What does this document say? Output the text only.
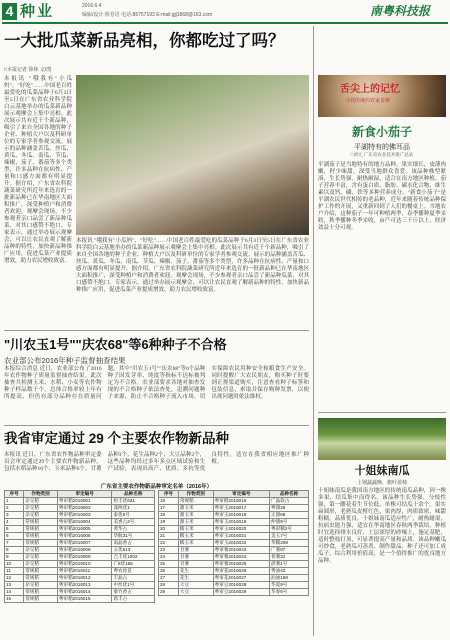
4 种业	2016.6.4
编辑/设计:蔡卷语 电话:86757193 E-mail:gjj1868@163.com	南粤科技报
一大批瓜菜新品亮相，你都吃过了吗？
□本报记者 徐林 文/图
本报讯 "哦我有"小瓜妈"、"好吃"……中国老百姓最爱吃的瓜菜品种于6月3日至5日在广东省农业科学院白云基地举办的瓜菜新品种展示观摩会上集中亮相。此次展示共有近千个新品种，吸引了来自全国各地的种子企业、种植大户以及科研单位的专家学者参观交流。展示的品种涵盖苦瓜、丝瓜、黄瓜、冬瓜、南瓜、节瓜、辣椒、茄子、番茄等多个类型，许多品种在抗病性、产量和口感方面都有明显提升。据介绍，广东省农科院蔬菜研究所近年来选育的一批新品种已在华南地区大面积推广，深受种植户和消费者欢迎。观摩会现场，不少参观者亲口品尝了新品种瓜菜，对其口感赞不绝口。专家表示，通过举办展示观摩会，可以让农民直观了解新品种的特性，加快新品种推广应用，促进瓜菜产业提质增效，助力农民增收致富。
本报讯 "哦我有"小瓜妈"、"好吃"……中国老百姓最爱吃的瓜菜品种于6月3日至5日在广东省农业科学院白云基地举办的瓜菜新品种展示观摩会上集中亮相。此次展示共有近千个新品种，吸引了来自全国各地的种子企业、种植大户以及科研单位的专家学者参观交流。展示的品种涵盖苦瓜、丝瓜、黄瓜、冬瓜、南瓜、节瓜、辣椒、茄子、番茄等多个类型，许多品种在抗病性、产量和口感方面都有明显提升。据介绍，广东省农科院蔬菜研究所近年来选育的一批新品种已在华南地区大面积推广，深受种植户和消费者欢迎。观摩会现场，不少参观者亲口品尝了新品种瓜菜，对其口感赞不绝口。专家表示，通过举办展示观摩会，可以让农民直观了解新品种的特性，加快新品种推广应用，促进瓜菜产业提质增效，助力农民增收致富。
舌尖上的记忆
寻找传统的农家食种
新食小茄子
平湖特有的佛耳品
□刘元 广东省农业技术推广总站
平湖茄子是当地特有的地方品种，果实细长，皮薄肉嫩，籽少味甜，深受当地群众喜爱。该品种株型紧凑，生长势强，耐热耐湿，适合在南方地区种植。茄子营养丰富，含有蛋白质、脂肪、碳水化合物、维生素以及钙、磷、铁等多种营养成分。"新食小茄子"是平湖农民世代相传的老品种，近年来随着传统品种保护工作的开展，又重新回到了人们的餐桌上。当地农户介绍，这种茄子一年可种植两季，春季播种夏季采收，秋季播种冬季采收，亩产可达三千斤以上，经济效益十分可观。
十姐妹南瓜
上钢蔬蔬晚、旗叶盈柿
十姐妹南瓜是我国南方地区的传统南瓜品种，因一株多果、结瓜集中而得名。该品种生长势强，分枝性强，第一雌花着生节位低，单株可结瓜十余个。果实扁圆形，老熟瓜皮橙红色，果肉厚，肉质致密，味甜粉糯，品质优良。十姐妹南瓜适应性广，耐热耐湿，抗病虫能力强，适宜在华南地区春秋两季栽培。种植时宜选择排水良好、土层深厚的砂壤土，施足基肥，适时整枝打顶，可显著提高产量和品质。该品种嫩瓜可炒食，老熟瓜可蒸煮、制作甜品，种子还可加工成瓜子，综合利用价值高，是一个值得推广的优良地方品种。
"川农玉1号""庆农68"等6种种子不合格
农业部公布2016年种子监督抽查结果
本报综合消息 近日，农业部公布了2016年农作物种子质量监督抽查结果。此次抽查共检测玉米、水稻、小麦等农作物种子样品数千个，总体合格率较上年有所提高，但仍有部分品种存在质量问题。其中"川农玉1号""庆农68"等6个品种种子因发芽率、纯度等指标不达标被判定为不合格。农业部要求各地对抽查发现的不合格种子依法查处，追溯问题种子来源，防止不合格种子流入市场，切实保障农民用种安全和粮食生产安全。同时提醒广大农民朋友，购买种子时要到正规渠道购买，注意查看种子标签和包装信息，索取并保存购种发票，以便出现问题时依法维权。
我省审定通过 29 个主要农作物新品种
本报讯 近日，广东省农作物品种审定委员会审定通过29个主要农作物新品种，包括水稻品种16个、玉米品种6个、甘薯品种3个、花生品种2个、大豆品种2个，这些品种均经过多年多点区域试验和生产试验，表现出高产、优质、多抗等优良特性，适宜在我省相应地区推广种植。
广东省主要农作物新品种审定名单（2016年）
序号	作物类别	审定编号	品种名称
1	杂交稻	粤审稻2016001	恒丰优631
2	杂交稻	粤审稻2016002	深两优1
3	杂交稻	粤审稻2016003	泰优5号
4	常规稻	粤审稻2016004	美香占2号
5	常规稻	粤审稻2016005	黄华占
6	常规稻	粤审稻2016006	华航31号
7	常规稻	粤审稻2016007	南晶香占
8	杂交稻	粤审稻2016008	五优613
9	杂交稻	粤审稻2016009	吉丰优1002
10	杂交稻	粤审稻2016010	广8优165
11	常规稻	粤审稻2016011	粤农丝苗
12	常规稻	粤审稻2016012	丰晶占
13	杂交稻	粤审稻2016013	中丝优1号
14	常规稻	粤审稻2016014	象竹香占
15	常规稻	粤审稻2016015	新丰占
序号	作物类别	审定编号	品种名称
16	常规稻	粤审稻2016016	广晶软占
17	甜玉米	粤审玉2016017	粤甜28
18	甜玉米	粤审玉2016018	正甜68
19	甜玉米	粤审玉2016019	仲甜9号
20	糯玉米	粤审玉2016020	粤彩糯2号
21	糯玉米	粤审玉2016021	美玉7号
22	糯玉米	粤审玉2016022	华糯208
23	甘薯	粤审薯2016023	广薯87
24	甘薯	粤审薯2016024	普薯32
25	甘薯	粤审薯2016025	湛薯1号
26	花生	粤审花2016026	粤油43
27	花生	粤审花2016027	汕油188
28	大豆	粤审豆2016028	华夏9号
29	大豆	粤审豆2016029	华春6号
